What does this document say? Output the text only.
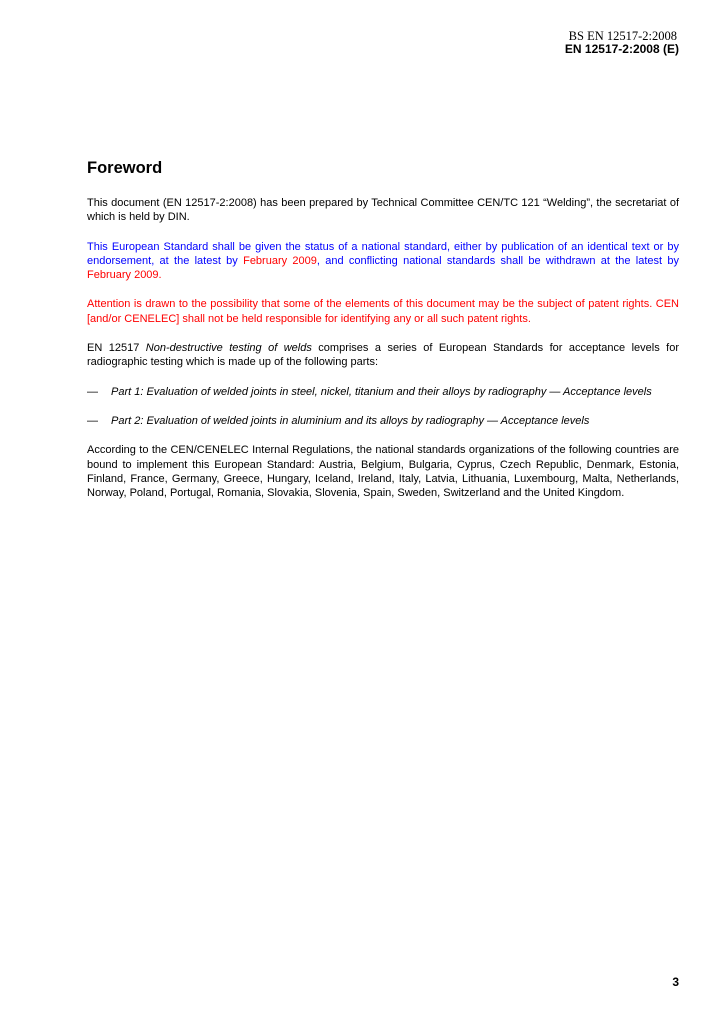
BS EN 12517-2:2008
EN 12517-2:2008 (E)
Foreword

This document (EN 12517-2:2008) has been prepared by Technical Committee CEN/TC 121 “Welding”, the secretariat of which is held by DIN.

This European Standard shall be given the status of a national standard, either by publication of an identical text or by endorsement, at the latest by February 2009, and conflicting national standards shall be withdrawn at the latest by February 2009.

Attention is drawn to the possibility that some of the elements of this document may be the subject of patent rights. CEN [and/or CENELEC] shall not be held responsible for identifying any or all such patent rights.

EN 12517 Non-destructive testing of welds comprises a series of European Standards for acceptance levels for radiographic testing which is made up of the following parts:

—	Part 1: Evaluation of welded joints in steel, nickel, titanium and their alloys by radiography — Acceptance levels
—	Part 2: Evaluation of welded joints in aluminium and its alloys by radiography — Acceptance levels

According to the CEN/CENELEC Internal Regulations, the national standards organizations of the following countries are bound to implement this European Standard: Austria, Belgium, Bulgaria, Cyprus, Czech Republic, Denmark, Estonia, Finland, France, Germany, Greece, Hungary, Iceland, Ireland, Italy, Latvia, Lithuania, Luxembourg, Malta, Netherlands, Norway, Poland, Portugal, Romania, Slovakia, Slovenia, Spain, Sweden, Switzerland and the United Kingdom.

3
